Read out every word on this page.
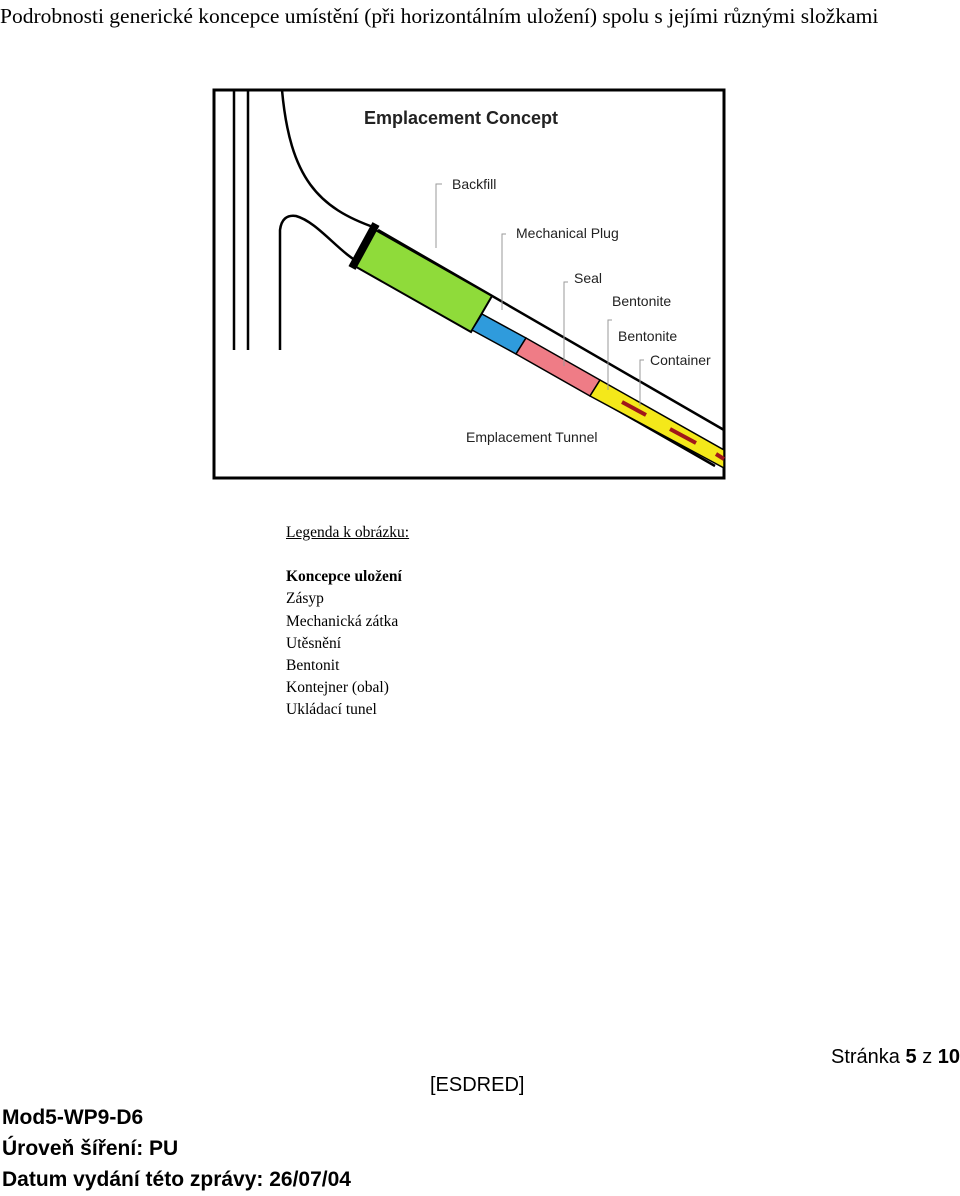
Podrobnosti generické koncepce umístění (při horizontálním uložení) spolu s jejími různými složkami
Emplacement Concept
Backfill
Mechanical Plug
Seal
Bentonite
Bentonite
Container
Emplacement Tunnel
Legenda k obrázku:
Koncepce uložení
Zásyp
Mechanická zátka
Utěsnění
Bentonit
Kontejner (obal)
Ukládací tunel
Stránka 5 z 10
[ESDRED]
Mod5-WP9-D6
Úroveň šíření: PU
Datum vydání této zprávy: 26/07/04
